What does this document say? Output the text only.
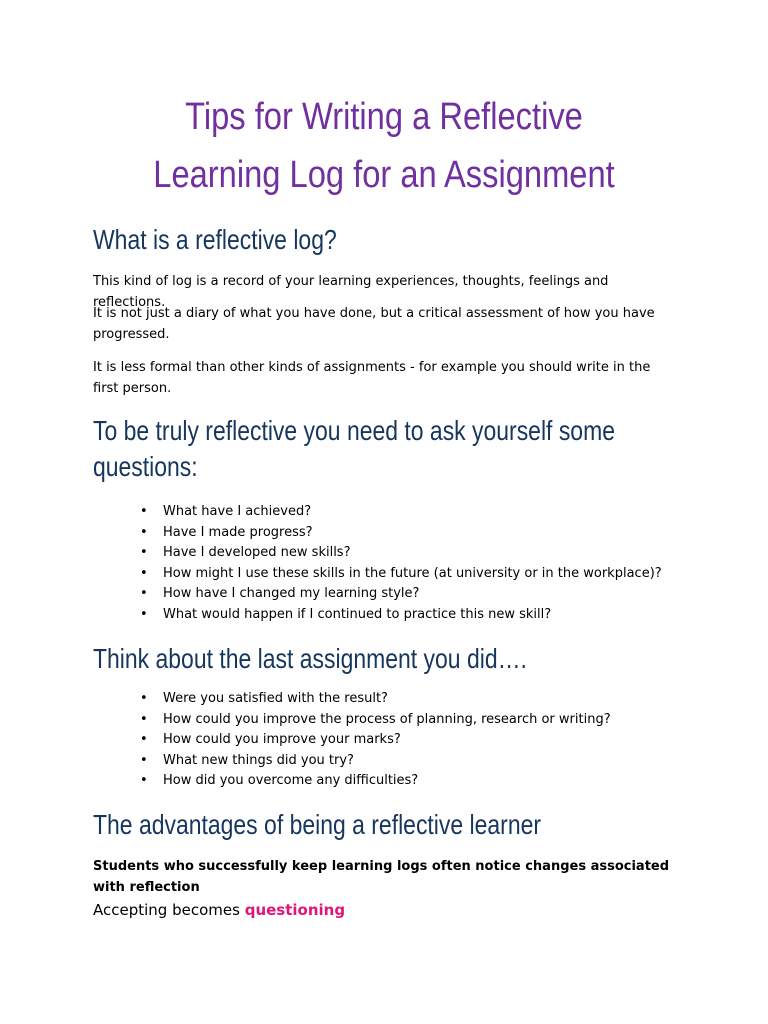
Tips for Writing a Reflective
Learning Log for an Assignment
What is a reflective log?

This kind of log is a record of your learning experiences, thoughts, feelings and reflections.

It is not just a diary of what you have done, but a critical assessment of how you have progressed.

It is less formal than other kinds of assignments - for example you should write in the first person.

To be truly reflective you need to ask yourself some questions:
• What have I achieved?
• Have I made progress?
• Have I developed new skills?
• How might I use these skills in the future (at university or in the workplace)?
• How have I changed my learning style?
• What would happen if I continued to practice this new skill?
Think about the last assignment you did….
• Were you satisfied with the result?
• How could you improve the process of planning, research or writing?
• How could you improve your marks?
• What new things did you try?
• How did you overcome any difficulties?
The advantages of being a reflective learner

Students who successfully keep learning logs often notice changes associated with reflection

Accepting becomes questioning
